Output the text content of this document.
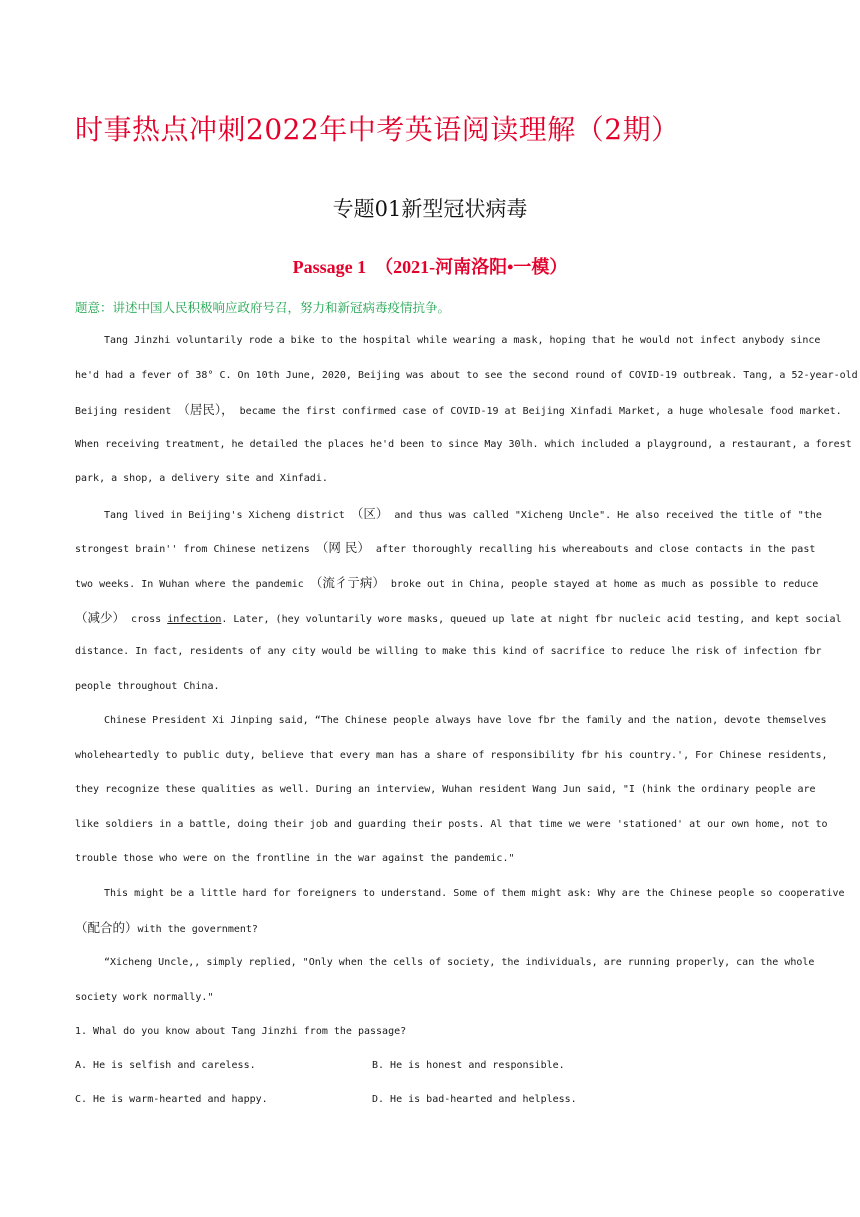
时事热点冲刺2022年中考英语阅读理解（2期）
专题01新型冠状病毒
Passage 1　（2021-河南洛阳•一模）
题意：讲述中国人民积极响应政府号召，努力和新冠病毒疫情抗争。
Tang Jinzhi voluntarily rode a bike to the hospital while wearing a mask, hoping that he would not infect anybody since
he'd had a fever of 38° C. On 10th June, 2020, Beijing was about to see the second round of COVID-19 outbreak. Tang, a 52-year-old
Beijing resident （居民）， became the first confirmed case of COVID-19 at Beijing Xinfadi Market, a huge wholesale food market.
When receiving treatment, he detailed the places he'd been to since May 30lh. which included a playground, a restaurant, a forest
park, a shop, a delivery site and Xinfadi.
Tang lived in Beijing's Xicheng district （区） and thus was called "Xicheng Uncle". He also received the title of "the
strongest brain'' from Chinese netizens （网 民） after thoroughly recalling his whereabouts and close contacts in the past
two weeks. In Wuhan where the pandemic （流彳亍病） broke out in China, people stayed at home as much as possible to reduce
（减少） cross infection. Later, (hey voluntarily wore masks, queued up late at night fbr nucleic acid testing, and kept social
distance. In fact, residents of any city would be willing to make this kind of sacrifice to reduce lhe risk of infection fbr
people throughout China.
Chinese President Xi Jinping said, “The Chinese people always have love fbr the family and the nation, devote themselves
wholeheartedly to public duty, believe that every man has a share of responsibility fbr his country.', For Chinese residents,
they recognize these qualities as well. During an interview, Wuhan resident Wang Jun said, "I (hink the ordinary people are
like soldiers in a battle, doing their job and guarding their posts. Al that time we were 'stationed' at our own home, not to
trouble those who were on the frontline in the war against the pandemic."
This might be a little hard for foreigners to understand. Some of them might ask: Why are the Chinese people so cooperative
（配合的）with the government?
“Xicheng Uncle,, simply replied, "Only when the cells of society, the individuals, are running properly, can the whole
society work normally."
1. Whal do you know about Tang Jinzhi from the passage?
A. He is selfish and careless.	B. He is honest and responsible.
C. He is warm-hearted and happy.	D. He is bad-hearted and helpless.
